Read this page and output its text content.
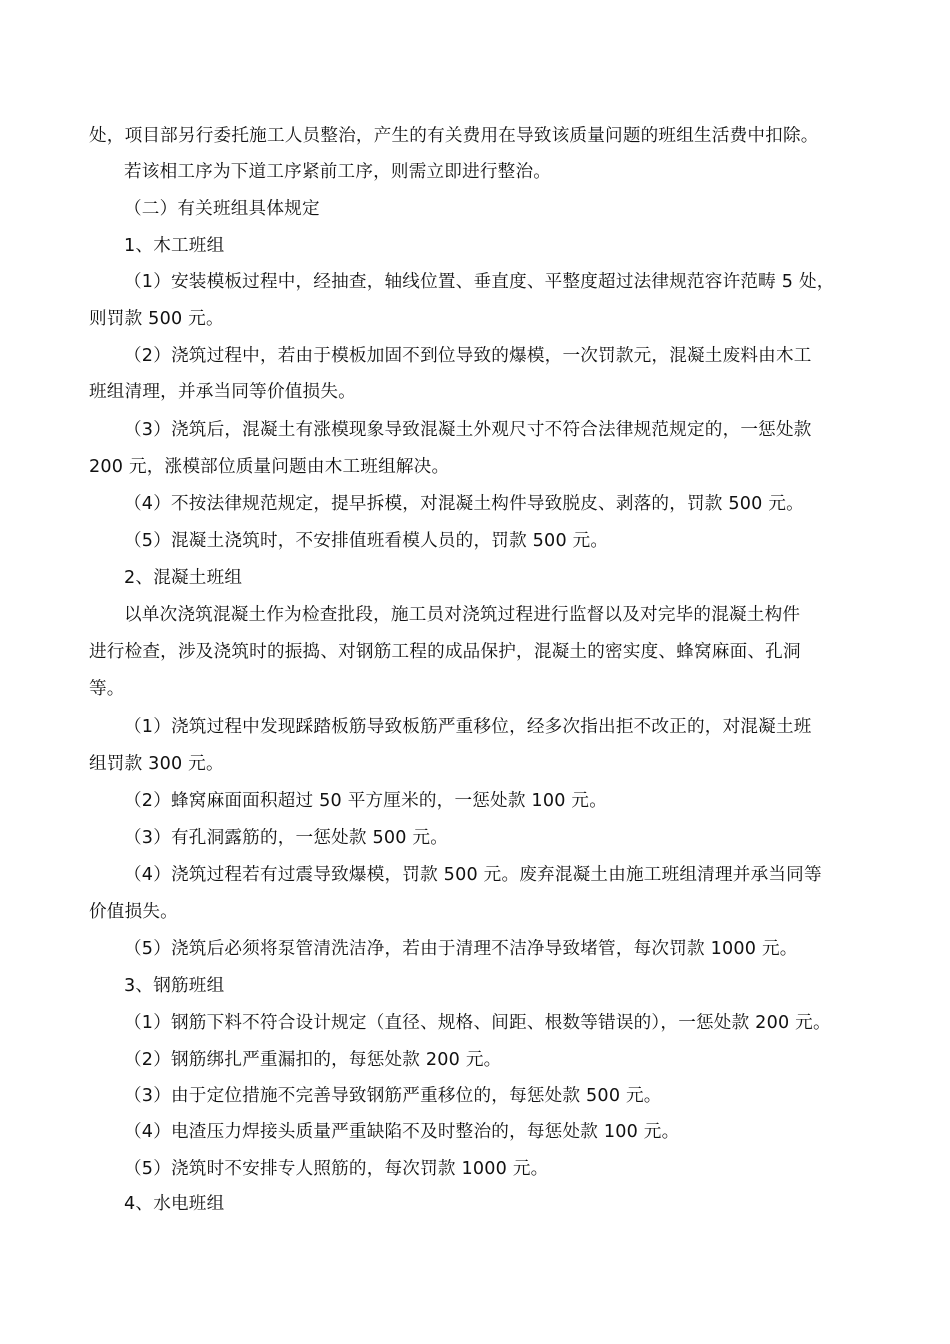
处，项目部另行委托施工人员整治，产生的有关费用在导致该质量问题的班组生活费中扣除。
若该相工序为下道工序紧前工序，则需立即进行整治。
（二）有关班组具体规定
1、木工班组
（1）安装模板过程中，经抽查，轴线位置、垂直度、平整度超过法律规范容许范畴 5 处，
则罚款 500 元。
（2）浇筑过程中，若由于模板加固不到位导致的爆模，一次罚款元，混凝土废料由木工
班组清理，并承当同等价值损失。
（3）浇筑后，混凝土有涨模现象导致混凝土外观尺寸不符合法律规范规定的，一惩处款
200 元，涨模部位质量问题由木工班组解决。
（4）不按法律规范规定，提早拆模，对混凝土构件导致脱皮、剥落的，罚款 500 元。
（5）混凝土浇筑时，不安排值班看模人员的，罚款 500 元。
2、混凝土班组
以单次浇筑混凝土作为检查批段，施工员对浇筑过程进行监督以及对完毕的混凝土构件
进行检查，涉及浇筑时的振捣、对钢筋工程的成品保护，混凝土的密实度、蜂窝麻面、孔洞
等。
（1）浇筑过程中发现踩踏板筋导致板筋严重移位，经多次指出拒不改正的，对混凝土班
组罚款 300 元。
（2）蜂窝麻面面积超过 50 平方厘米的，一惩处款 100 元。
（3）有孔洞露筋的，一惩处款 500 元。
（4）浇筑过程若有过震导致爆模，罚款 500 元。废弃混凝土由施工班组清理并承当同等
价值损失。
（5）浇筑后必须将泵管清洗洁净，若由于清理不洁净导致堵管，每次罚款 1000 元。
3、钢筋班组
（1）钢筋下料不符合设计规定（直径、规格、间距、根数等错误的），一惩处款 200 元。
（2）钢筋绑扎严重漏扣的，每惩处款 200 元。
（3）由于定位措施不完善导致钢筋严重移位的，每惩处款 500 元。
（4）电渣压力焊接头质量严重缺陷不及时整治的，每惩处款 100 元。
（5）浇筑时不安排专人照筋的，每次罚款 1000 元。
4、水电班组
